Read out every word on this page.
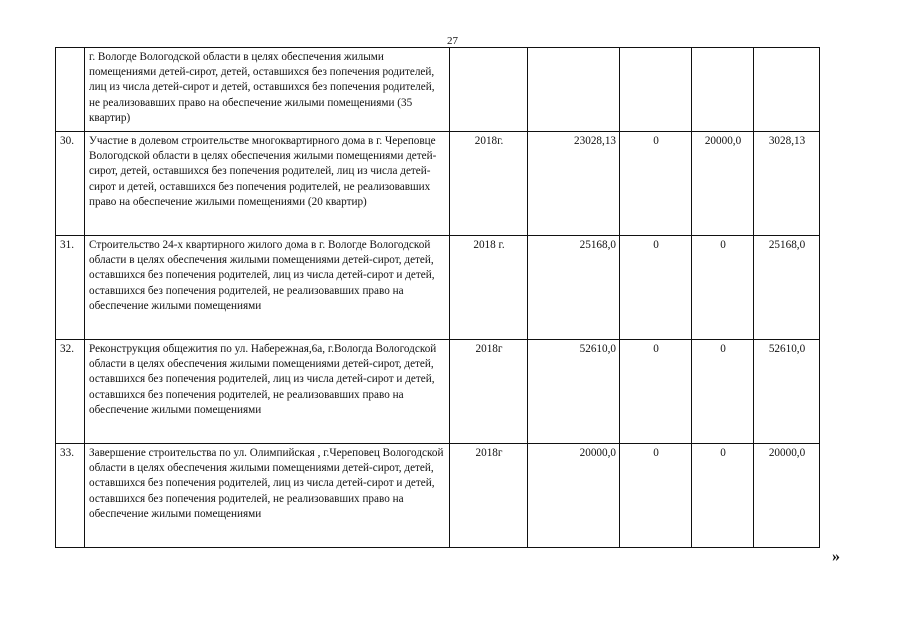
27
	г. Вологде Вологодской области в целях обеспечения жилыми помещениями детей-сирот, детей, оставшихся без попечения родителей, лиц из числа детей-сирот и детей, оставшихся без попечения родителей, не реализовавших право на обеспечение жилыми помещениями (35 квартир)					
30.	Участие в долевом строительстве многоквартирного дома в г. Череповце Вологодской области в целях обеспечения жилыми помещениями детей-сирот, детей, оставшихся без попечения родителей, лиц из числа детей-сирот и детей, оставшихся без попечения родителей, не реализовавших право на обеспечение жилыми помещениями (20 квартир)	2018г.	23028,13	0	20000,0	3028,13
31.	Строительство 24-х квартирного жилого дома в г. Вологде Вологодской области в целях обеспечения жилыми помещениями детей-сирот, детей, оставшихся без попечения родителей, лиц из числа детей-сирот и детей, оставшихся без попечения родителей, не реализовавших право на обеспечение жилыми помещениями	2018 г.	25168,0	0	0	25168,0
32.	Реконструкция общежития по ул. Набережная,6а, г.Вологда Вологодской области в целях обеспечения жилыми помещениями детей-сирот, детей, оставшихся без попечения родителей, лиц из числа детей-сирот и детей, оставшихся без попечения родителей, не реализовавших право на обеспечение жилыми помещениями	2018г	52610,0	0	0	52610,0
33.	Завершение строительства по ул. Олимпийская , г.Череповец Вологодской области в целях обеспечения жилыми помещениями детей-сирот, детей, оставшихся без попечения родителей, лиц из числа детей-сирот и детей, оставшихся без попечения родителей, не реализовавших право на обеспечение жилыми помещениями	2018г	20000,0	0	0	20000,0
»
